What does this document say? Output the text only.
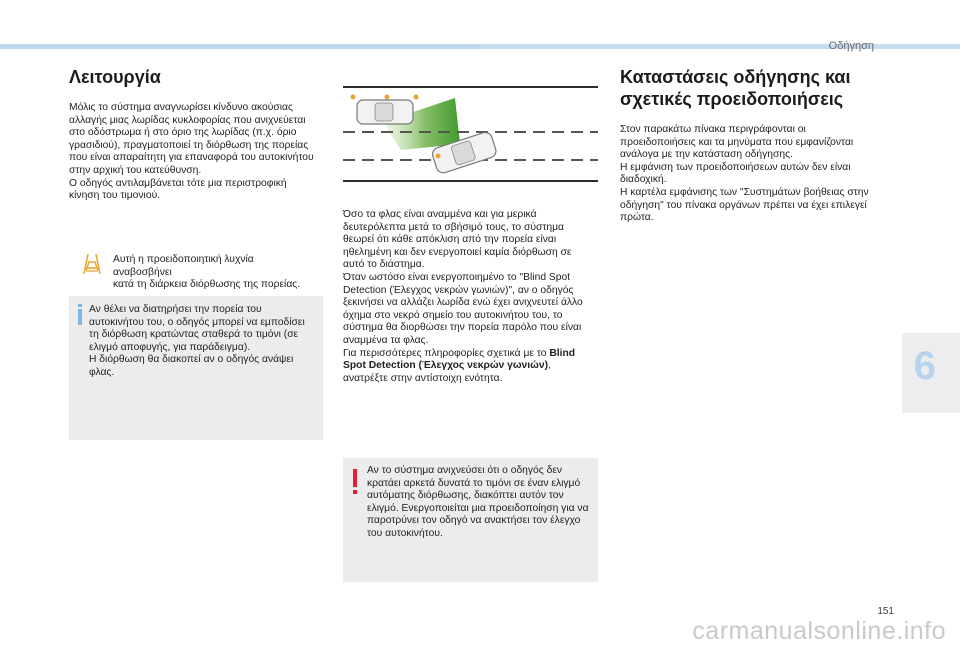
Οδήγηση
6
Λειτουργία

Μόλις το σύστημα αναγνωρίσει κίνδυνο ακούσιας
αλλαγής μιας λωρίδας κυκλοφορίας που ανιχνεύεται
στο οδόστρωμα ή στο όριο της λωρίδας (π.χ. όριο
γρασιδιού), πραγματοποιεί τη διόρθωση της πορείας
που είναι απαραίτητη για επαναφορά του αυτοκινήτου
στην αρχική του κατεύθυνση.
Ο οδηγός αντιλαμβάνεται τότε μια περιστροφική
κίνηση του τιμονιού.

Αυτή η προειδοποιητική λυχνία αναβοσβήνει
κατά τη διάρκεια διόρθωσης της πορείας.

Αν θέλει να διατηρήσει την πορεία του
αυτοκινήτου του, ο οδηγός μπορεί να εμποδίσει
τη διόρθωση κρατώντας σταθερά το τιμόνι (σε
ελιγμό αποφυγής, για παράδειγμα).
Η διόρθωση θα διακοπεί αν ο οδηγός ανάψει
φλας.

Όσο τα φλας είναι αναμμένα και για μερικά
δευτερόλεπτα μετά το σβήσιμό τους, το σύστημα
θεωρεί ότι κάθε απόκλιση από την πορεία είναι
ηθελημένη και δεν ενεργοποιεί καμία διόρθωση σε
αυτό το διάστημα.
Όταν ωστόσο είναι ενεργοποιημένο το "Blind Spot
Detection (Έλεγχος νεκρών γωνιών)", αν ο οδηγός
ξεκινήσει να αλλάζει λωρίδα ενώ έχει ανιχνευτεί άλλο
όχημα στο νεκρό σημείο του αυτοκινήτου του, το
σύστημα θα διορθώσει την πορεία παρόλο που είναι
αναμμένα τα φλας.
Για περισσότερες πληροφορίες σχετικά με το Blind
Spot Detection (Έλεγχος νεκρών γωνιών),
ανατρέξτε στην αντίστοιχη ενότητα.

Αν το σύστημα ανιχνεύσει ότι ο οδηγός δεν
κρατάει αρκετά δυνατά το τιμόνι σε έναν ελιγμό
αυτόματης διόρθωσης, διακόπτει αυτόν τον
ελιγμό. Ενεργοποιείται μια προειδοποίηση για να
παροτρύνει τον οδηγό να ανακτήσει τον έλεγχο
του αυτοκινήτου.

Καταστάσεις οδήγησης και
σχετικές προειδοποιήσεις

Στον παρακάτω πίνακα περιγράφονται οι
προειδοποιήσεις και τα μηνύματα που εμφανίζονται
ανάλογα με την κατάσταση οδήγησης.
Η εμφάνιση των προειδοποιήσεων αυτών δεν είναι
διαδοχική.
Η καρτέλα εμφάνισης των "Συστημάτων βοήθειας στην
οδήγηση" του πίνακα οργάνων πρέπει να έχει επιλεγεί
πρώτα.

151
carmanualsonline.info
